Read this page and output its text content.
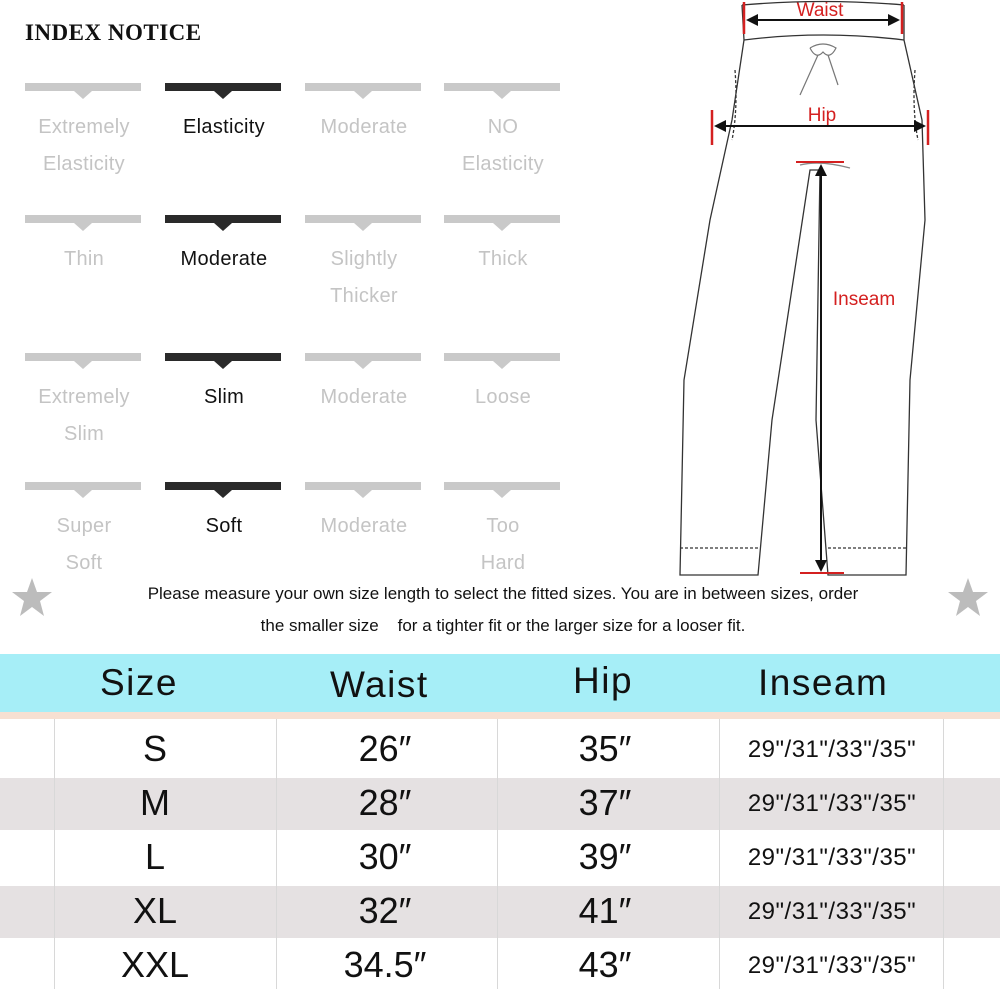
INDEX NOTICE
Extremely Elasticity
Elasticity	Moderate	NO Elasticity
Thin	Moderate	Slightly Thicker
Thick
Extremely Slim
Slim	Moderate	Loose
Super Soft
Soft	Moderate	Too Hard
Waist
Hip
Inseam
Please measure your own size length to select the fitted sizes. You are in between sizes, order
the smaller size    for a tighter fit or the larger size for a looser fit.
Size	Waist	Hip	Inseam
S	26″	35″	29"/31"/33"/35"
M	28″	37″	29"/31"/33"/35"
L	30″	39″	29"/31"/33"/35"
XL	32″	41″	29"/31"/33"/35"
XXL	34.5″	43″	29"/31"/33"/35"
